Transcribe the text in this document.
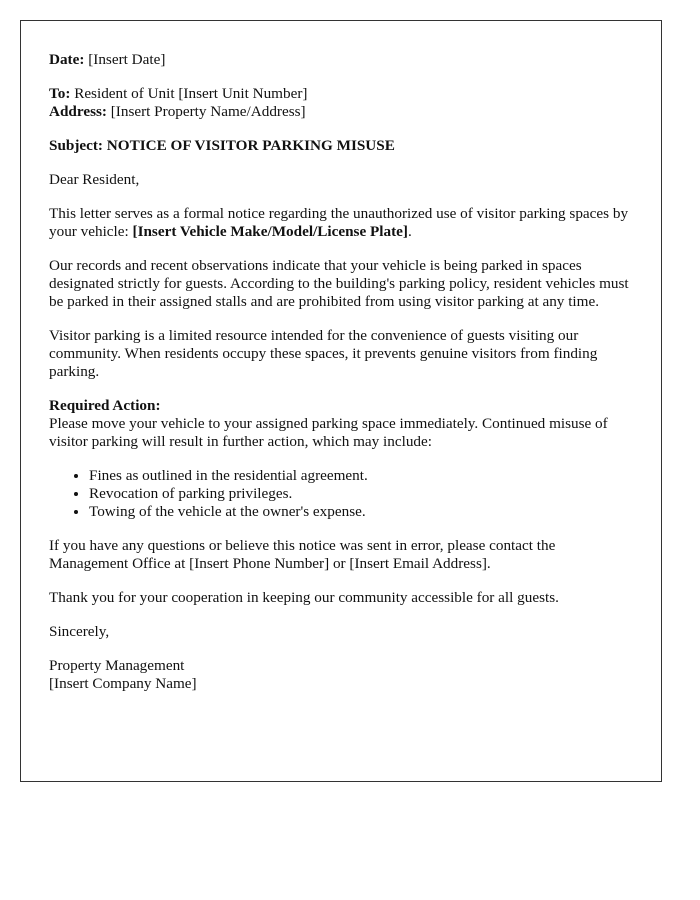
Date: [Insert Date]

To: Resident of Unit [Insert Unit Number]
Address: [Insert Property Name/Address]

Subject: NOTICE OF VISITOR PARKING MISUSE

Dear Resident,

This letter serves as a formal notice regarding the unauthorized use of visitor parking spaces by your vehicle: [Insert Vehicle Make/Model/License Plate].

Our records and recent observations indicate that your vehicle is being parked in spaces designated strictly for guests. According to the building's parking policy, resident vehicles must be parked in their assigned stalls and are prohibited from using visitor parking at any time.

Visitor parking is a limited resource intended for the convenience of guests visiting our community. When residents occupy these spaces, it prevents genuine visitors from finding parking.

Required Action:
Please move your vehicle to your assigned parking space immediately. Continued misuse of visitor parking will result in further action, which may include:

• Fines as outlined in the residential agreement.
• Revocation of parking privileges.
• Towing of the vehicle at the owner's expense.

If you have any questions or believe this notice was sent in error, please contact the Management Office at [Insert Phone Number] or [Insert Email Address].

Thank you for your cooperation in keeping our community accessible for all guests.

Sincerely,

Property Management
[Insert Company Name]
